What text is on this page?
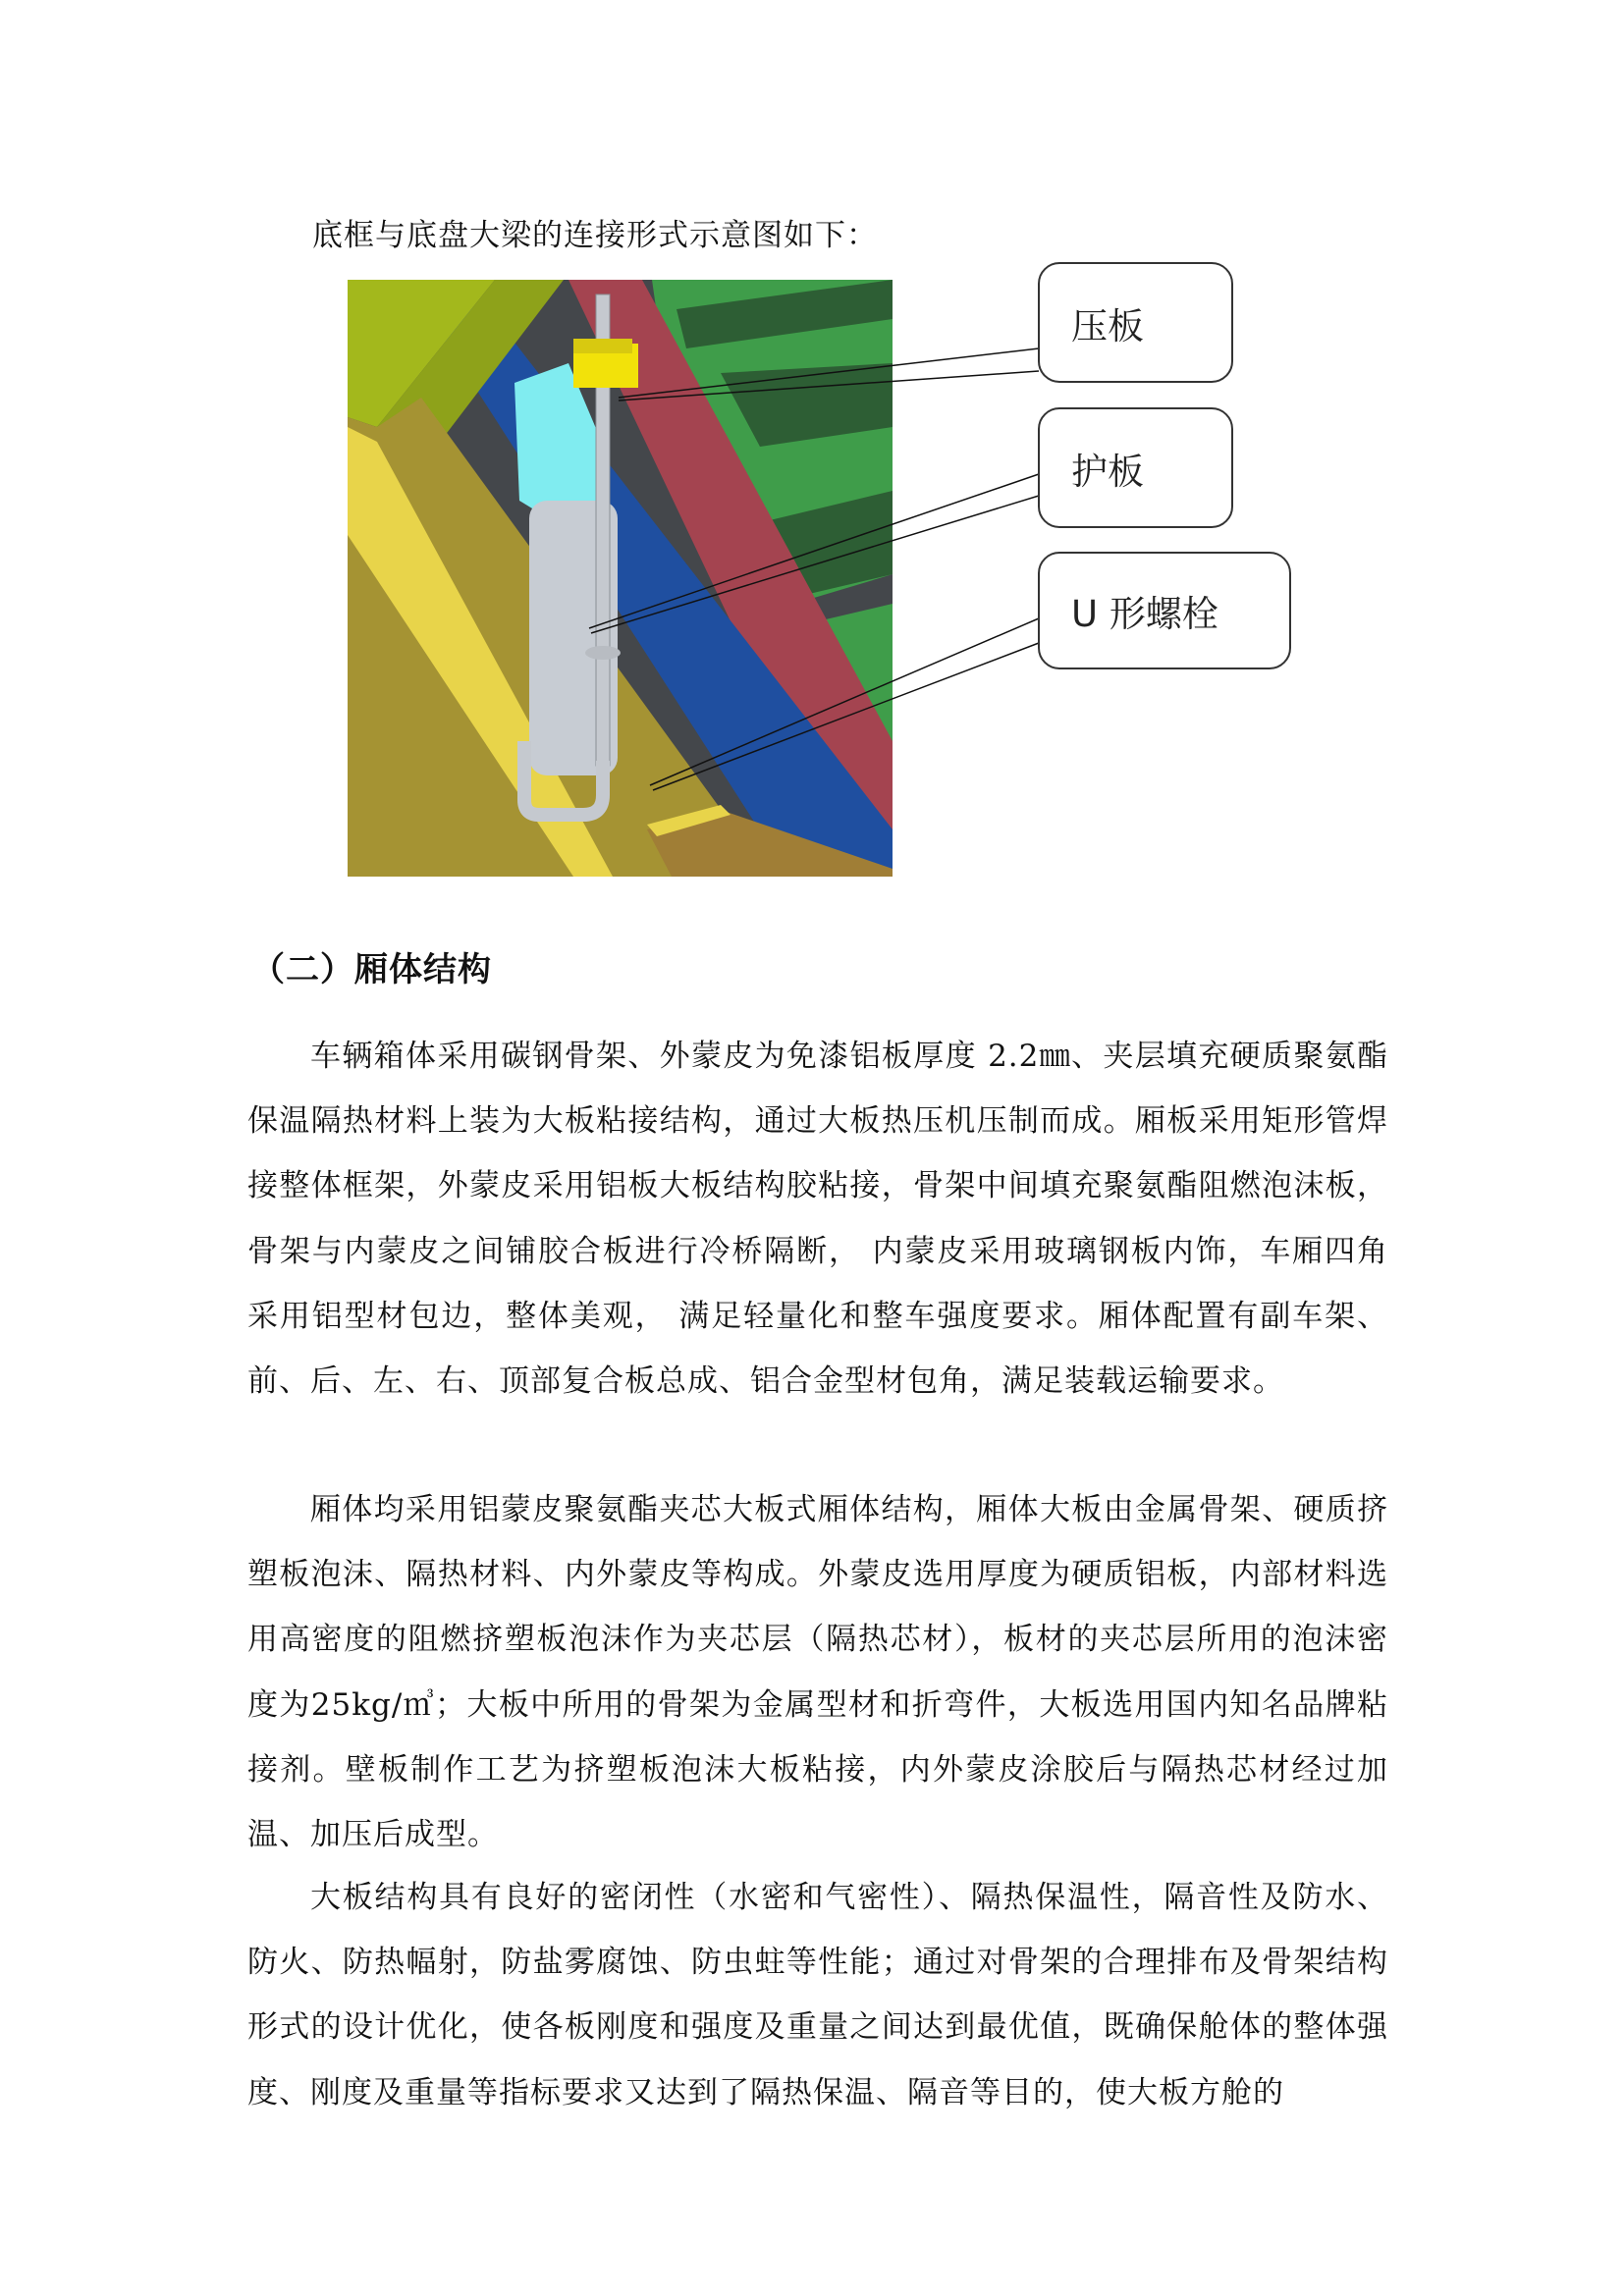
底框与底盘大梁的连接形式示意图如下：
压板
护板
U 形螺栓
（二）厢体结构

车辆箱体采用碳钢骨架、外蒙皮为免漆铝板厚度 2.2㎜、夹层填充硬质聚氨酯保温隔热材料上装为大板粘接结构，通过大板热压机压制而成。厢板采用矩形管焊接整体框架，外蒙皮采用铝板大板结构胶粘接，骨架中间填充聚氨酯阻燃泡沫板，骨架与内蒙皮之间铺胶合板进行冷桥隔断， 内蒙皮采用玻璃钢板内饰，车厢四角采用铝型材包边，整体美观， 满足轻量化和整车强度要求。厢体配置有副车架、前、后、左、右、顶部复合板总成、铝合金型材包角，满足装载运输要求。

厢体均采用铝蒙皮聚氨酯夹芯大板式厢体结构，厢体大板由金属骨架、硬质挤塑板泡沫、隔热材料、内外蒙皮等构成。外蒙皮选用厚度为硬质铝板，内部材料选用高密度的阻燃挤塑板泡沫作为夹芯层（隔热芯材），板材的夹芯层所用的泡沫密度为25kg/㎥；大板中所用的骨架为金属型材和折弯件，大板选用国内知名品牌粘接剂。壁板制作工艺为挤塑板泡沫大板粘接，内外蒙皮涂胶后与隔热芯材经过加温、加压后成型。

大板结构具有良好的密闭性（水密和气密性）、隔热保温性，隔音性及防水、防火、防热幅射，防盐雾腐蚀、防虫蛀等性能；通过对骨架的合理排布及骨架结构形式的设计优化，使各板刚度和强度及重量之间达到最优值，既确保舱体的整体强度、刚度及重量等指标要求又达到了隔热保温、隔音等目的，使大板方舱的
